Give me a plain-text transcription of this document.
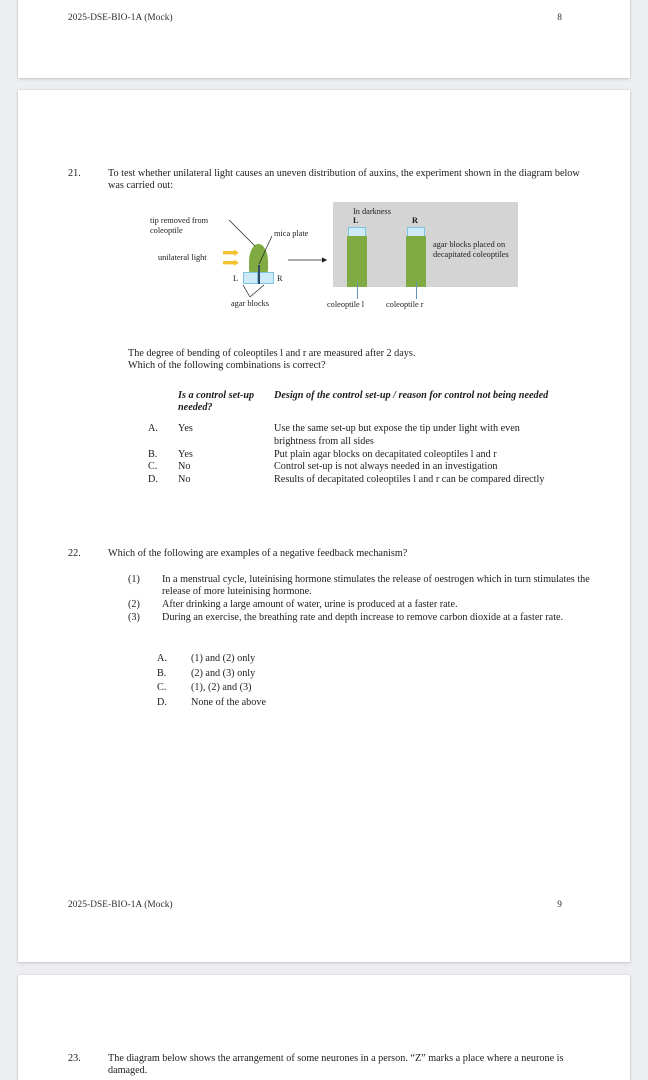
2025-DSE-BIO-1A (Mock)	8
21.	To test whether unilateral light causes an uneven distribution of auxins, the experiment shown in the diagram below was carried out:
In darkness
L
coleoptile l
R
coleoptile r
agar blocks placed on decapitated coleoptiles
L	R
unilateral light
tip removed from coleoptile	mica plate
agar blocks
The degree of bending of coleoptiles l and r are measured after 2 days.
Which of the following combinations is correct?
	Is a control set-up needed?	Design of the control set-up / reason for control not being needed
A.	Yes	Use the same set-up but expose the tip under light with even brightness from all sides
B.	Yes	Put plain agar blocks on decapitated coleoptiles l and r
C.	No	Control set-up is not always needed in an investigation
D.	No	Results of decapitated coleoptiles l and r can be compared directly
22.	Which of the following are examples of a negative feedback mechanism?
(1)	In a menstrual cycle, luteinising hormone stimulates the release of oestrogen which in turn stimulates the release of more luteinising hormone.
(2)	After drinking a large amount of water, urine is produced at a faster rate.
(3)	During an exercise, the breathing rate and depth increase to remove carbon dioxide at a faster rate.
A.	(1) and (2) only
B.	(2) and (3) only
C.	(1), (2) and (3)
D.	None of the above
2025-DSE-BIO-1A (Mock)	9
23.	The diagram below shows the arrangement of some neurones in a person. “Z” marks a place where a neurone is damaged.
